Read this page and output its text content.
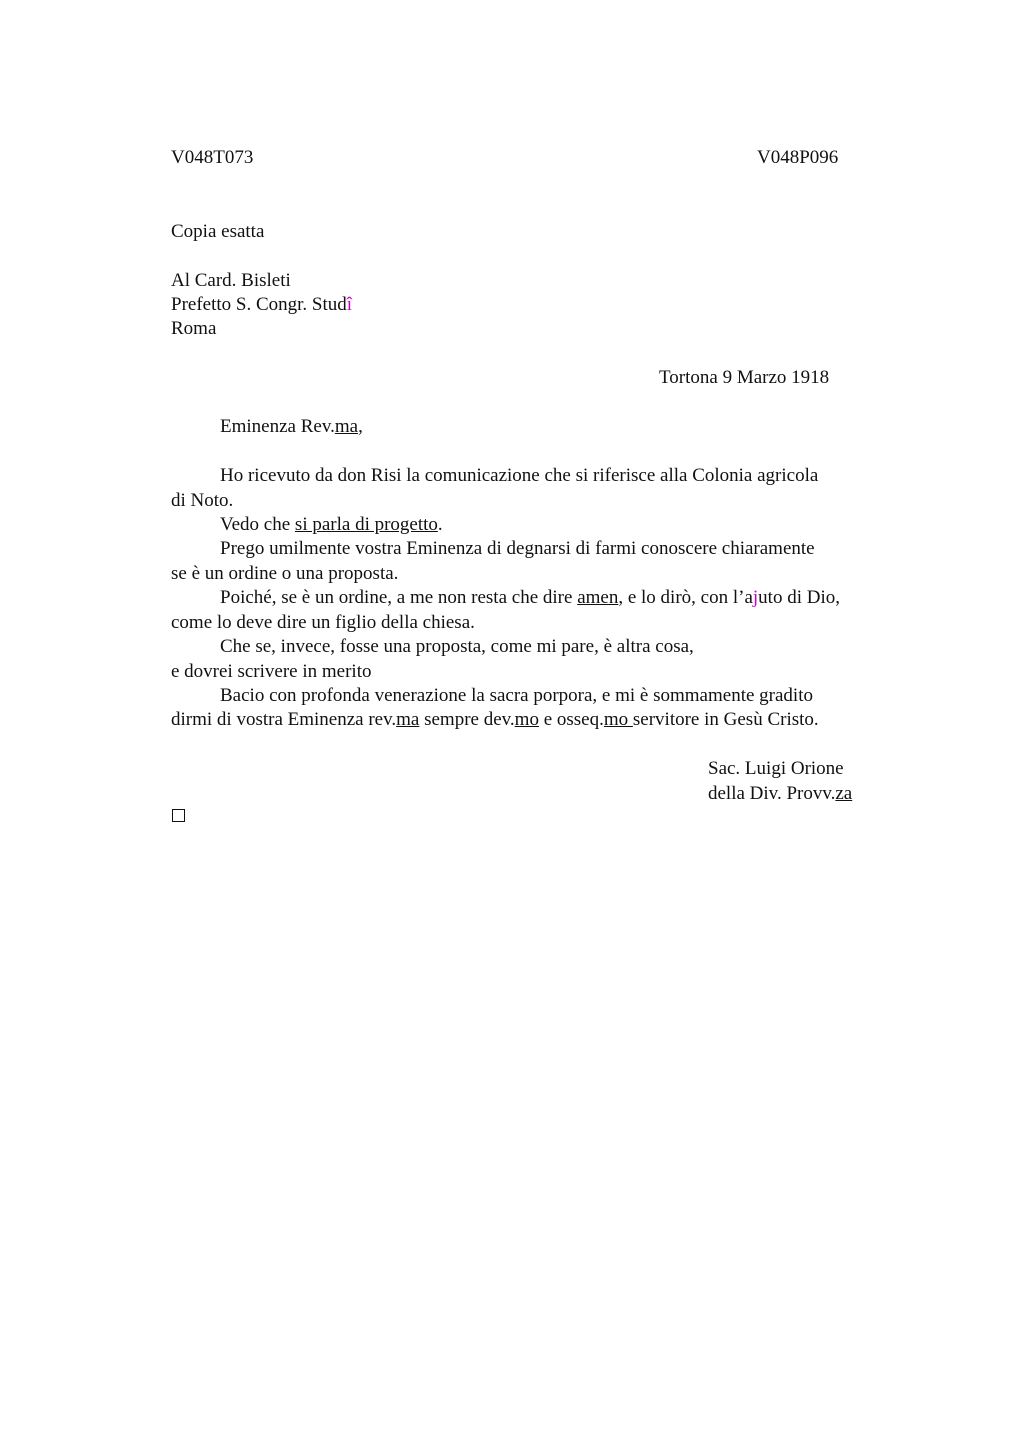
V048T073	V048P096
Copia esatta
Al Card. Bisleti
Prefetto S. Congr. Studî
Roma
Tortona 9 Marzo 1918
Eminenza Rev.ma,
Ho ricevuto da don Risi la comunicazione che si riferisce alla Colonia agricola
di Noto.
Vedo che si parla di progetto.
Prego umilmente vostra Eminenza di degnarsi di farmi conoscere chiaramente
se è un ordine o una proposta.
Poiché, se è un ordine, a me non resta che dire amen, e lo dirò, con l’ajuto di Dio,
come lo deve dire un figlio della chiesa.
Che se, invece, fosse una proposta, come mi pare, è altra cosa,
e dovrei scrivere in merito
Bacio con profonda venerazione la sacra porpora, e mi è sommamente gradito
dirmi di vostra Eminenza rev.ma sempre dev.mo e osseq.mo servitore in Gesù Cristo.
Sac. Luigi Orione
della Div. Provv.za
